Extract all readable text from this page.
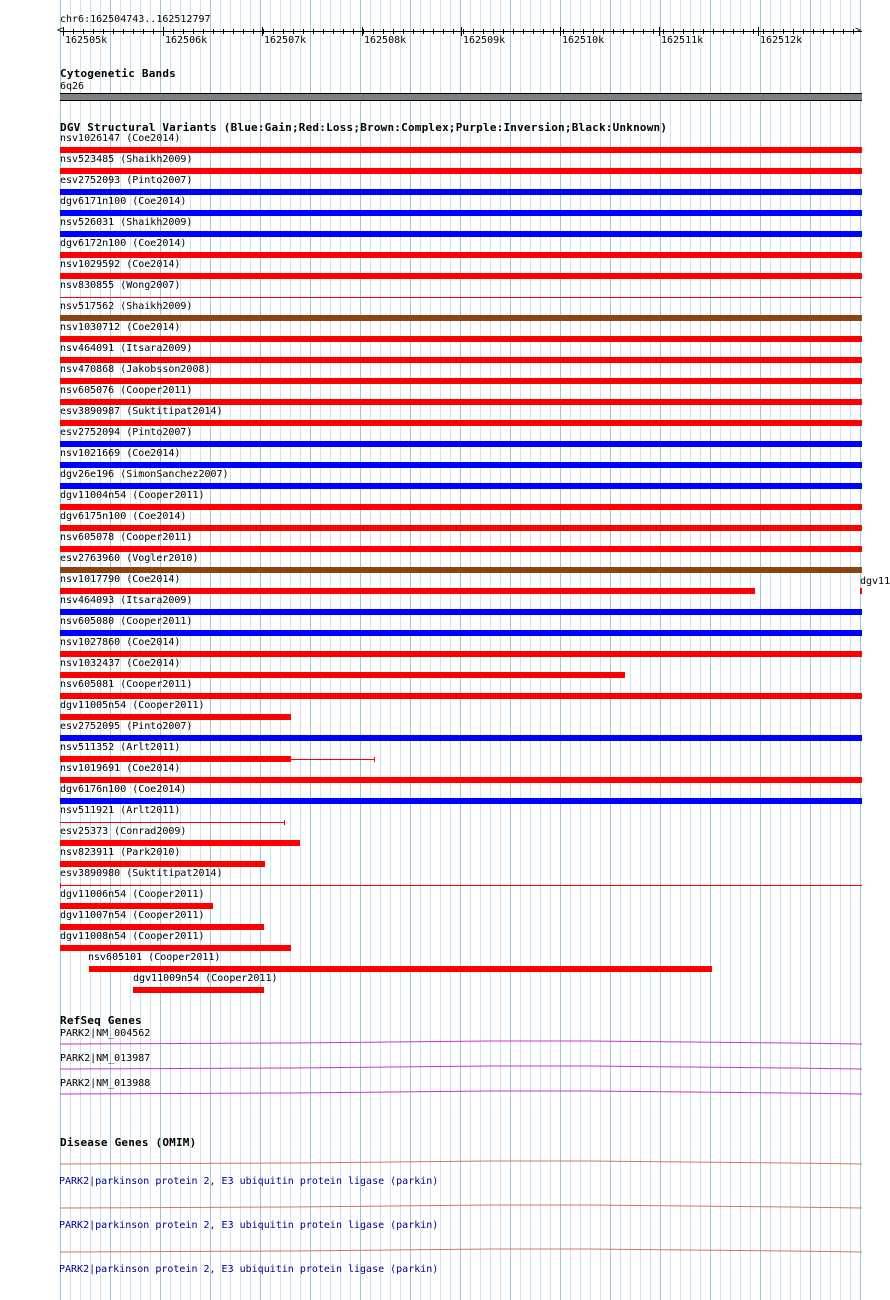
chr6:162504743..162512797
<	>
162505k	162506k	162507k	162508k	162509k	162510k	162511k	162512k
Cytogenetic Bands
6q26
DGV Structural Variants (Blue:Gain;Red:Loss;Brown:Complex;Purple:Inversion;Black:Unknown)
nsv1026147 (Coe2014)
nsv523485 (Shaikh2009)
esv2752093 (Pinto2007)
dgv6171n100 (Coe2014)
nsv526031 (Shaikh2009)
dgv6172n100 (Coe2014)
nsv1029592 (Coe2014)
nsv830855 (Wong2007)
nsv517562 (Shaikh2009)
nsv1030712 (Coe2014)
nsv464091 (Itsara2009)
nsv470868 (Jakobsson2008)
nsv605076 (Cooper2011)
esv3890987 (Suktitipat2014)
esv2752094 (Pinto2007)
nsv1021669 (Coe2014)
dgv26e196 (SimonSanchez2007)
dgv11004n54 (Cooper2011)
dgv6175n100 (Coe2014)
nsv605078 (Cooper2011)
esv2763960 (Vogler2010)
nsv1017790 (Coe2014)
nsv464093 (Itsara2009)
nsv605080 (Cooper2011)
nsv1027860 (Coe2014)
nsv1032437 (Coe2014)
nsv605081 (Cooper2011)
dgv11005n54 (Cooper2011)
esv2752095 (Pinto2007)
nsv511352 (Arlt2011)
nsv1019691 (Coe2014)
dgv6176n100 (Coe2014)
nsv511921 (Arlt2011)
esv25373 (Conrad2009)
nsv823911 (Park2010)
esv3890980 (Suktitipat2014)
dgv11006n54 (Cooper2011)
dgv11007n54 (Cooper2011)
dgv11008n54 (Cooper2011)
nsv605101 (Cooper2011)
dgv11009n54 (Cooper2011)
dgv11
RefSeq Genes
PARK2|NM_004562
PARK2|NM_013987
PARK2|NM_013988
Disease Genes (OMIM)
PARK2|parkinson protein 2, E3 ubiquitin protein ligase (parkin)
PARK2|parkinson protein 2, E3 ubiquitin protein ligase (parkin)
PARK2|parkinson protein 2, E3 ubiquitin protein ligase (parkin)
